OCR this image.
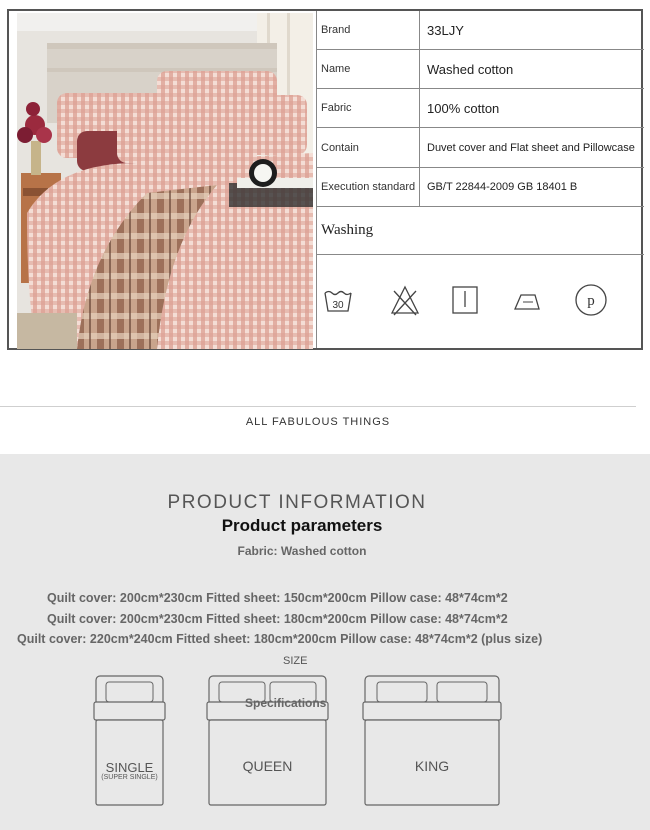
Brand	33LJY
Name	Washed cotton
Fabric	100% cotton
Contain	Duvet cover and Flat sheet and Pillowcase
Execution standard	GB/T 22844-2009 GB 18401 B
Washing
30	p
ALL FABULOUS THINGS
PRODUCT INFORMATION
Product parameters
Fabric: Washed cotton
Quilt cover: 200cm*230cm Fitted sheet: 150cm*200cm Pillow case: 48*74cm*2
Quilt cover: 200cm*230cm Fitted sheet: 180cm*200cm Pillow case: 48*74cm*2
Quilt cover: 220cm*240cm Fitted sheet: 180cm*200cm Pillow case: 48*74cm*2 (plus size)
SIZE
SINGLE
(SUPER SINGLE)
QUEEN
Specifications
KING
